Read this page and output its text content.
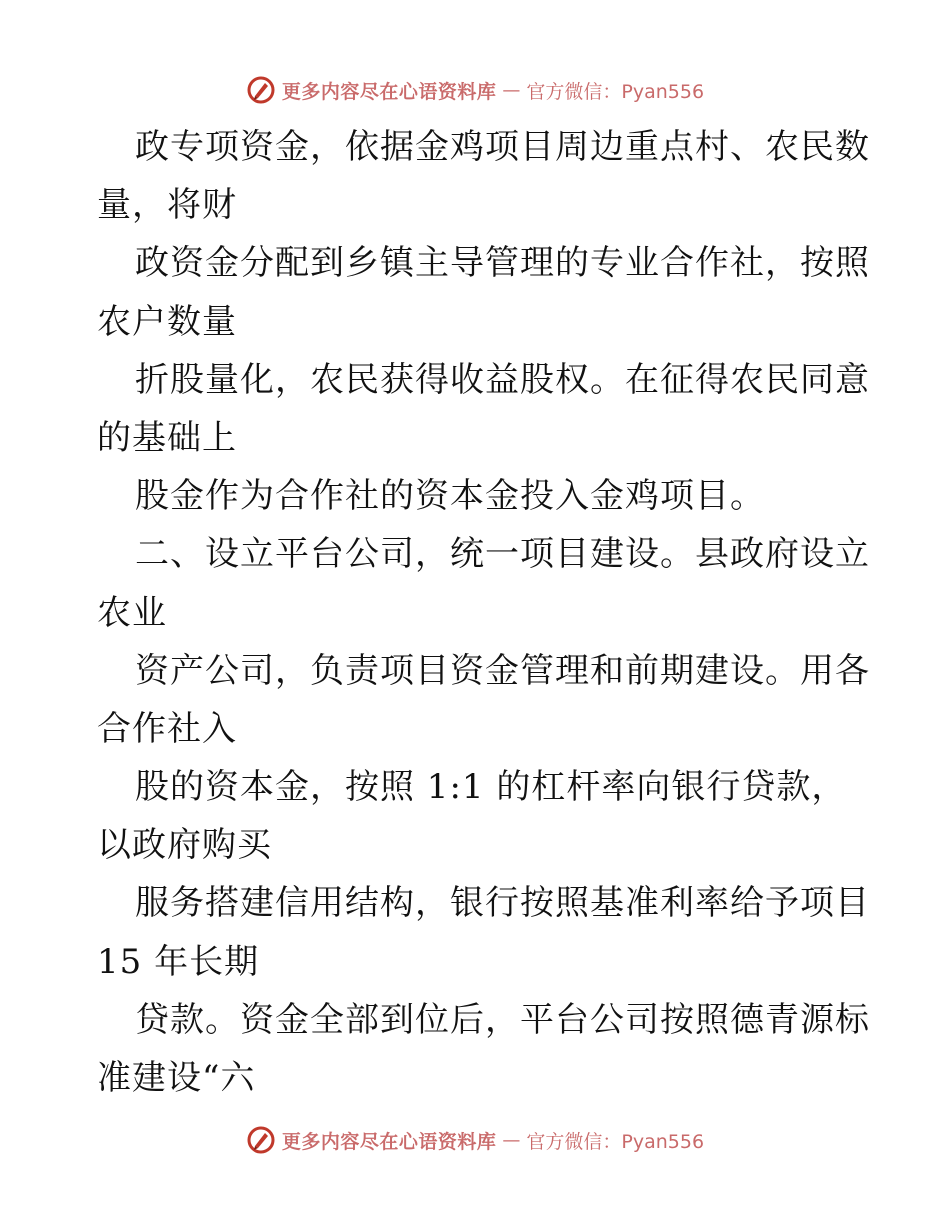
更多内容尽在心语资料库 — 官方微信：Pyan556
政专项资金，依据金鸡项目周边重点村、农民数
量，将财
政资金分配到乡镇主导管理的专业合作社，按照
农户数量
折股量化，农民获得收益股权。在征得农民同意
的基础上
股金作为合作社的资本金投入金鸡项目。
二、设立平台公司，统一项目建设。县政府设立
农业
资产公司，负责项目资金管理和前期建设。用各
合作社入
股的资本金，按照 1:1 的杠杆率向银行贷款，
以政府购买
服务搭建信用结构，银行按照基准利率给予项目
15 年长期
贷款。资金全部到位后，平台公司按照德青源标
准建设“六
更多内容尽在心语资料库 — 官方微信：Pyan556
